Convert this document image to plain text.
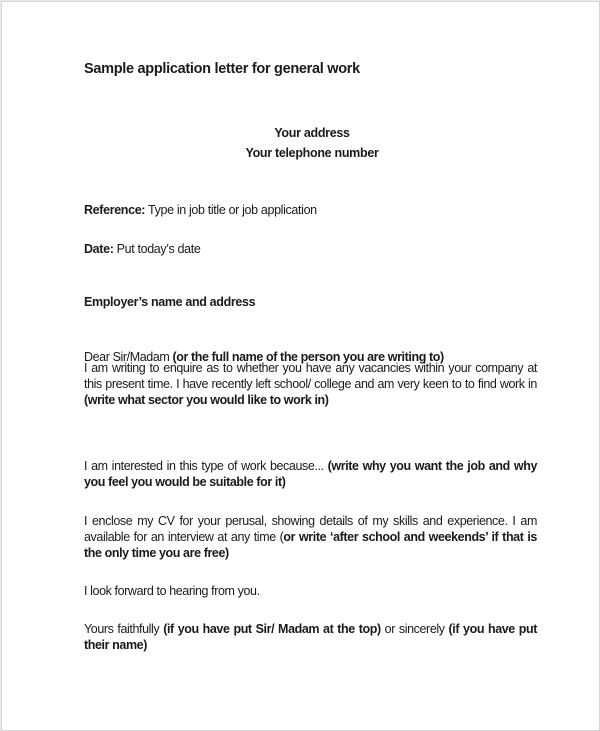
Sample application letter for general work
Your address
Your telephone number
Reference: Type in job title or job application
Date: Put today’s date
Employer’s name and address
Dear Sir/Madam (or the full name of the person you are writing to)
I am writing to enquire as to whether you have any vacancies within your company at this present time. I have recently left school/ college and am very keen to to find work in (write what sector you would like to work in)
I am interested in this type of work because... (write why you want the job and why you feel you would be suitable for it)
I enclose my CV for your perusal, showing details of my skills and experience. I am available for an interview at any time (or write ‘after school and weekends’ if that is the only time you are free)
I look forward to hearing from you.
Yours faithfully (if you have put Sir/ Madam at the top) or sincerely (if you have put their name)
